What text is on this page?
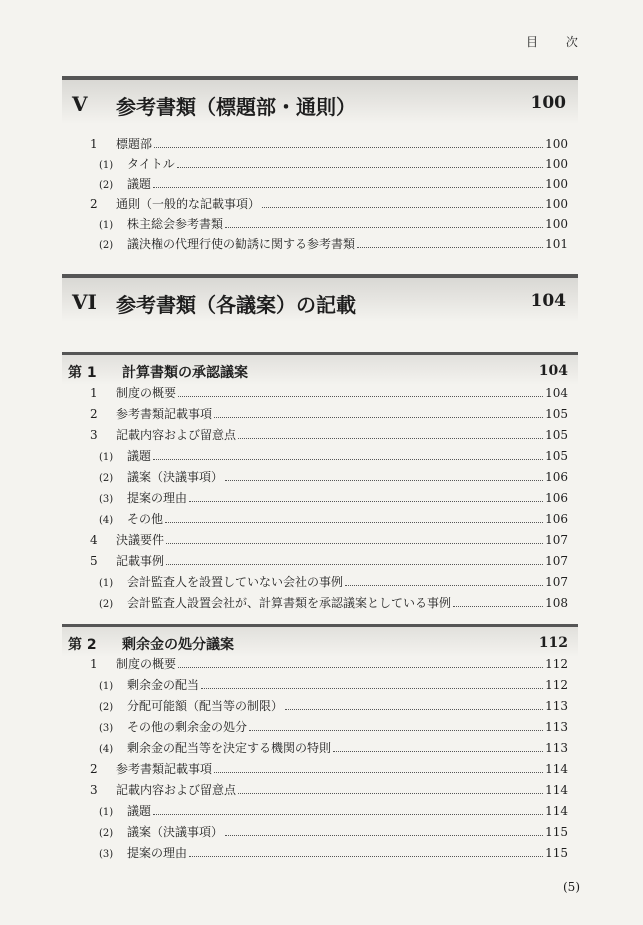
目 次
V 参考書類（標題部・通則）	100
1	標題部	100
(1)	タイトル	100
(2)	議題	100
2	通則（一般的な記載事項）	100
(1)	株主総会参考書類	100
(2)	議決権の代理行使の勧誘に関する参考書類	101
VI 参考書類（各議案）の記載	104
第 1 計算書類の承認議案	104
1	制度の概要	104
2	参考書類記載事項	105
3	記載内容および留意点	105
(1)	議題	105
(2)	議案（決議事項）	106
(3)	提案の理由	106
(4)	その他	106
4	決議要件	107
5	記載事例	107
(1)	会計監査人を設置していない会社の事例	107
(2)	会計監査人設置会社が、計算書類を承認議案としている事例	108
第 2 剰余金の処分議案	112
1	制度の概要	112
(1)	剰余金の配当	112
(2)	分配可能額（配当等の制限）	113
(3)	その他の剰余金の処分	113
(4)	剰余金の配当等を決定する機関の特則	113
2	参考書類記載事項	114
3	記載内容および留意点	114
(1)	議題	114
(2)	議案（決議事項）	115
(3)	提案の理由	115
(5)
